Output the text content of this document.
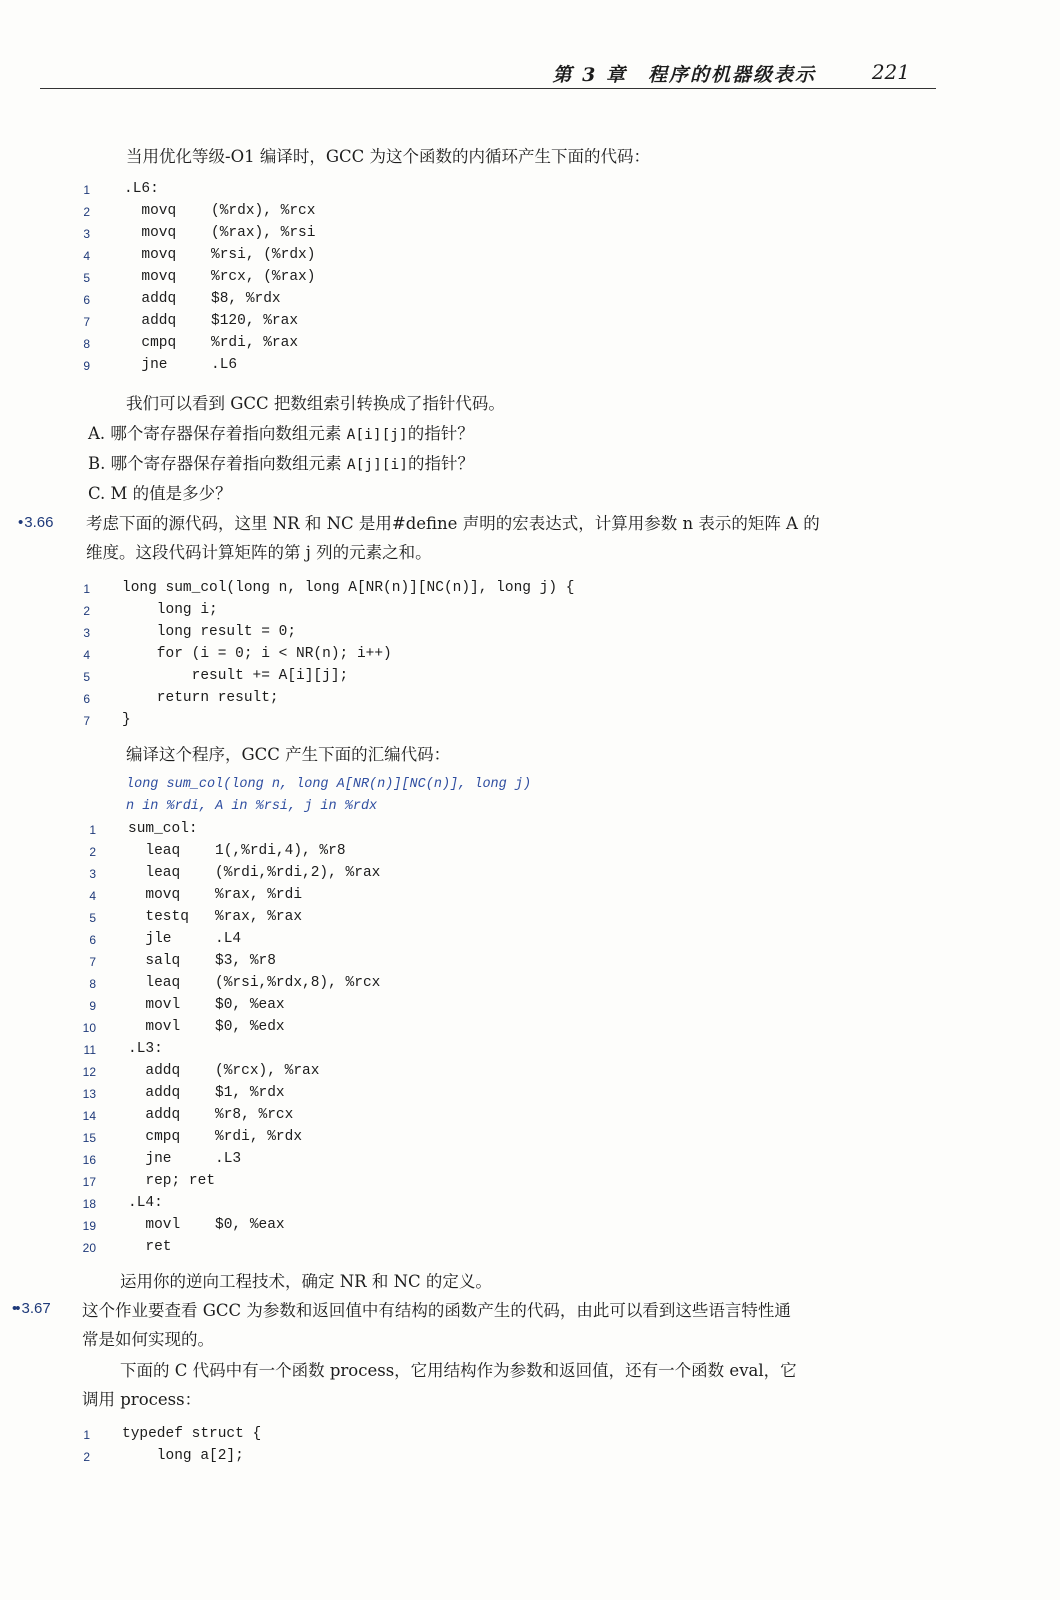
第 3 章　程序的机器级表示	221

当用优化等级-O1 编译时，GCC 为这个函数的内循环产生下面的代码：

1 .L6:
2 movq    (%rdx), %rcx
3 movq    (%rax), %rsi
4 movq    %rsi, (%rdx)
5 movq    %rcx, (%rax)
6 addq    $8, %rdx
7 addq    $120, %rax
8 cmpq    %rdi, %rax
9 jne     .L6

我们可以看到 GCC 把数组索引转换成了指针代码。

A. 哪个寄存器保存着指向数组元素 A[i][j]的指针？

B. 哪个寄存器保存着指向数组元素 A[j][i]的指针？

C. M 的值是多少？

• 3.66 考虑下面的源代码，这里 NR 和 NC 是用#define 声明的宏表达式，计算用参数 n 表示的矩阵 A 的

维度。这段代码计算矩阵的第 j 列的元素之和。

1 long sum_col(long n, long A[NR(n)][NC(n)], long j) {
2 long i;
3 long result = 0;
4 for (i = 0; i < NR(n); i++)
5 result += A[i][j];
6 return result;
7 }

编译这个程序，GCC 产生下面的汇编代码：

long sum_col(long n, long A[NR(n)][NC(n)], long j)
n in %rdi, A in %rsi, j in %rdx
1 sum_col:
2 leaq    1(,%rdi,4), %r8
3 leaq    (%rdi,%rdi,2), %rax
4 movq    %rax, %rdi
5 testq   %rax, %rax
6 jle     .L4
7 salq    $3, %r8
8 leaq    (%rsi,%rdx,8), %rcx
9 movl    $0, %eax
10 movl    $0, %edx
11 .L3:
12 addq    (%rcx), %rax
13 addq    $1, %rdx
14 addq    %r8, %rcx
15 cmpq    %rdi, %rdx
16 jne     .L3
17 rep; ret
18 .L4:
19 movl    $0, %eax
20 ret

运用你的逆向工程技术，确定 NR 和 NC 的定义。

•• 3.67 这个作业要查看 GCC 为参数和返回值中有结构的函数产生的代码，由此可以看到这些语言特性通

常是如何实现的。

下面的 C 代码中有一个函数 process，它用结构作为参数和返回值，还有一个函数 eval，它

调用 process：

1 typedef struct {
2 long a[2];
